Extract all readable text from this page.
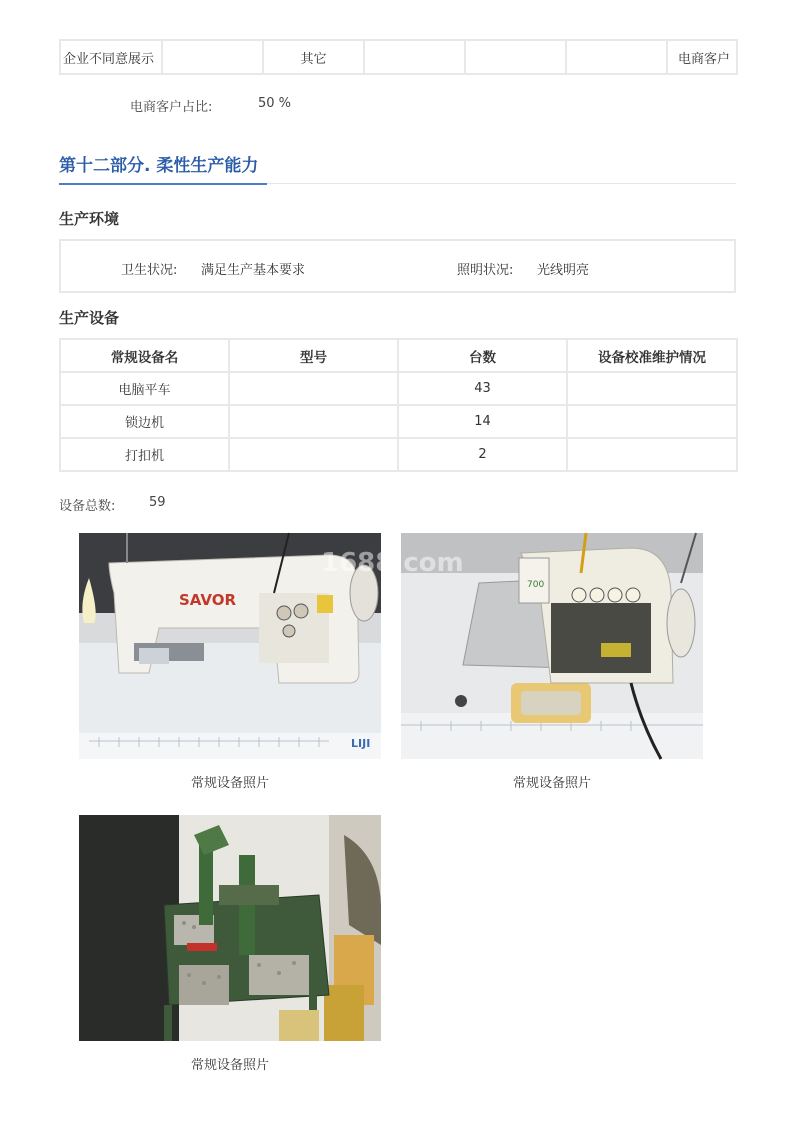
企业不同意展示		其它				电商客户
电商客户占比:	50 %
第十二部分. 柔性生产能力
生产环境
卫生状况: 满足生产基本要求	照明状况: 光线明亮
生产设备
常规设备名	型号	台数	设备校准维护情况
电脑平车		43	
锁边机		14	
打扣机		2	
设备总数:	59
SAVOR
LIJI
常规设备照片
700
1688.com
常规设备照片
常规设备照片
